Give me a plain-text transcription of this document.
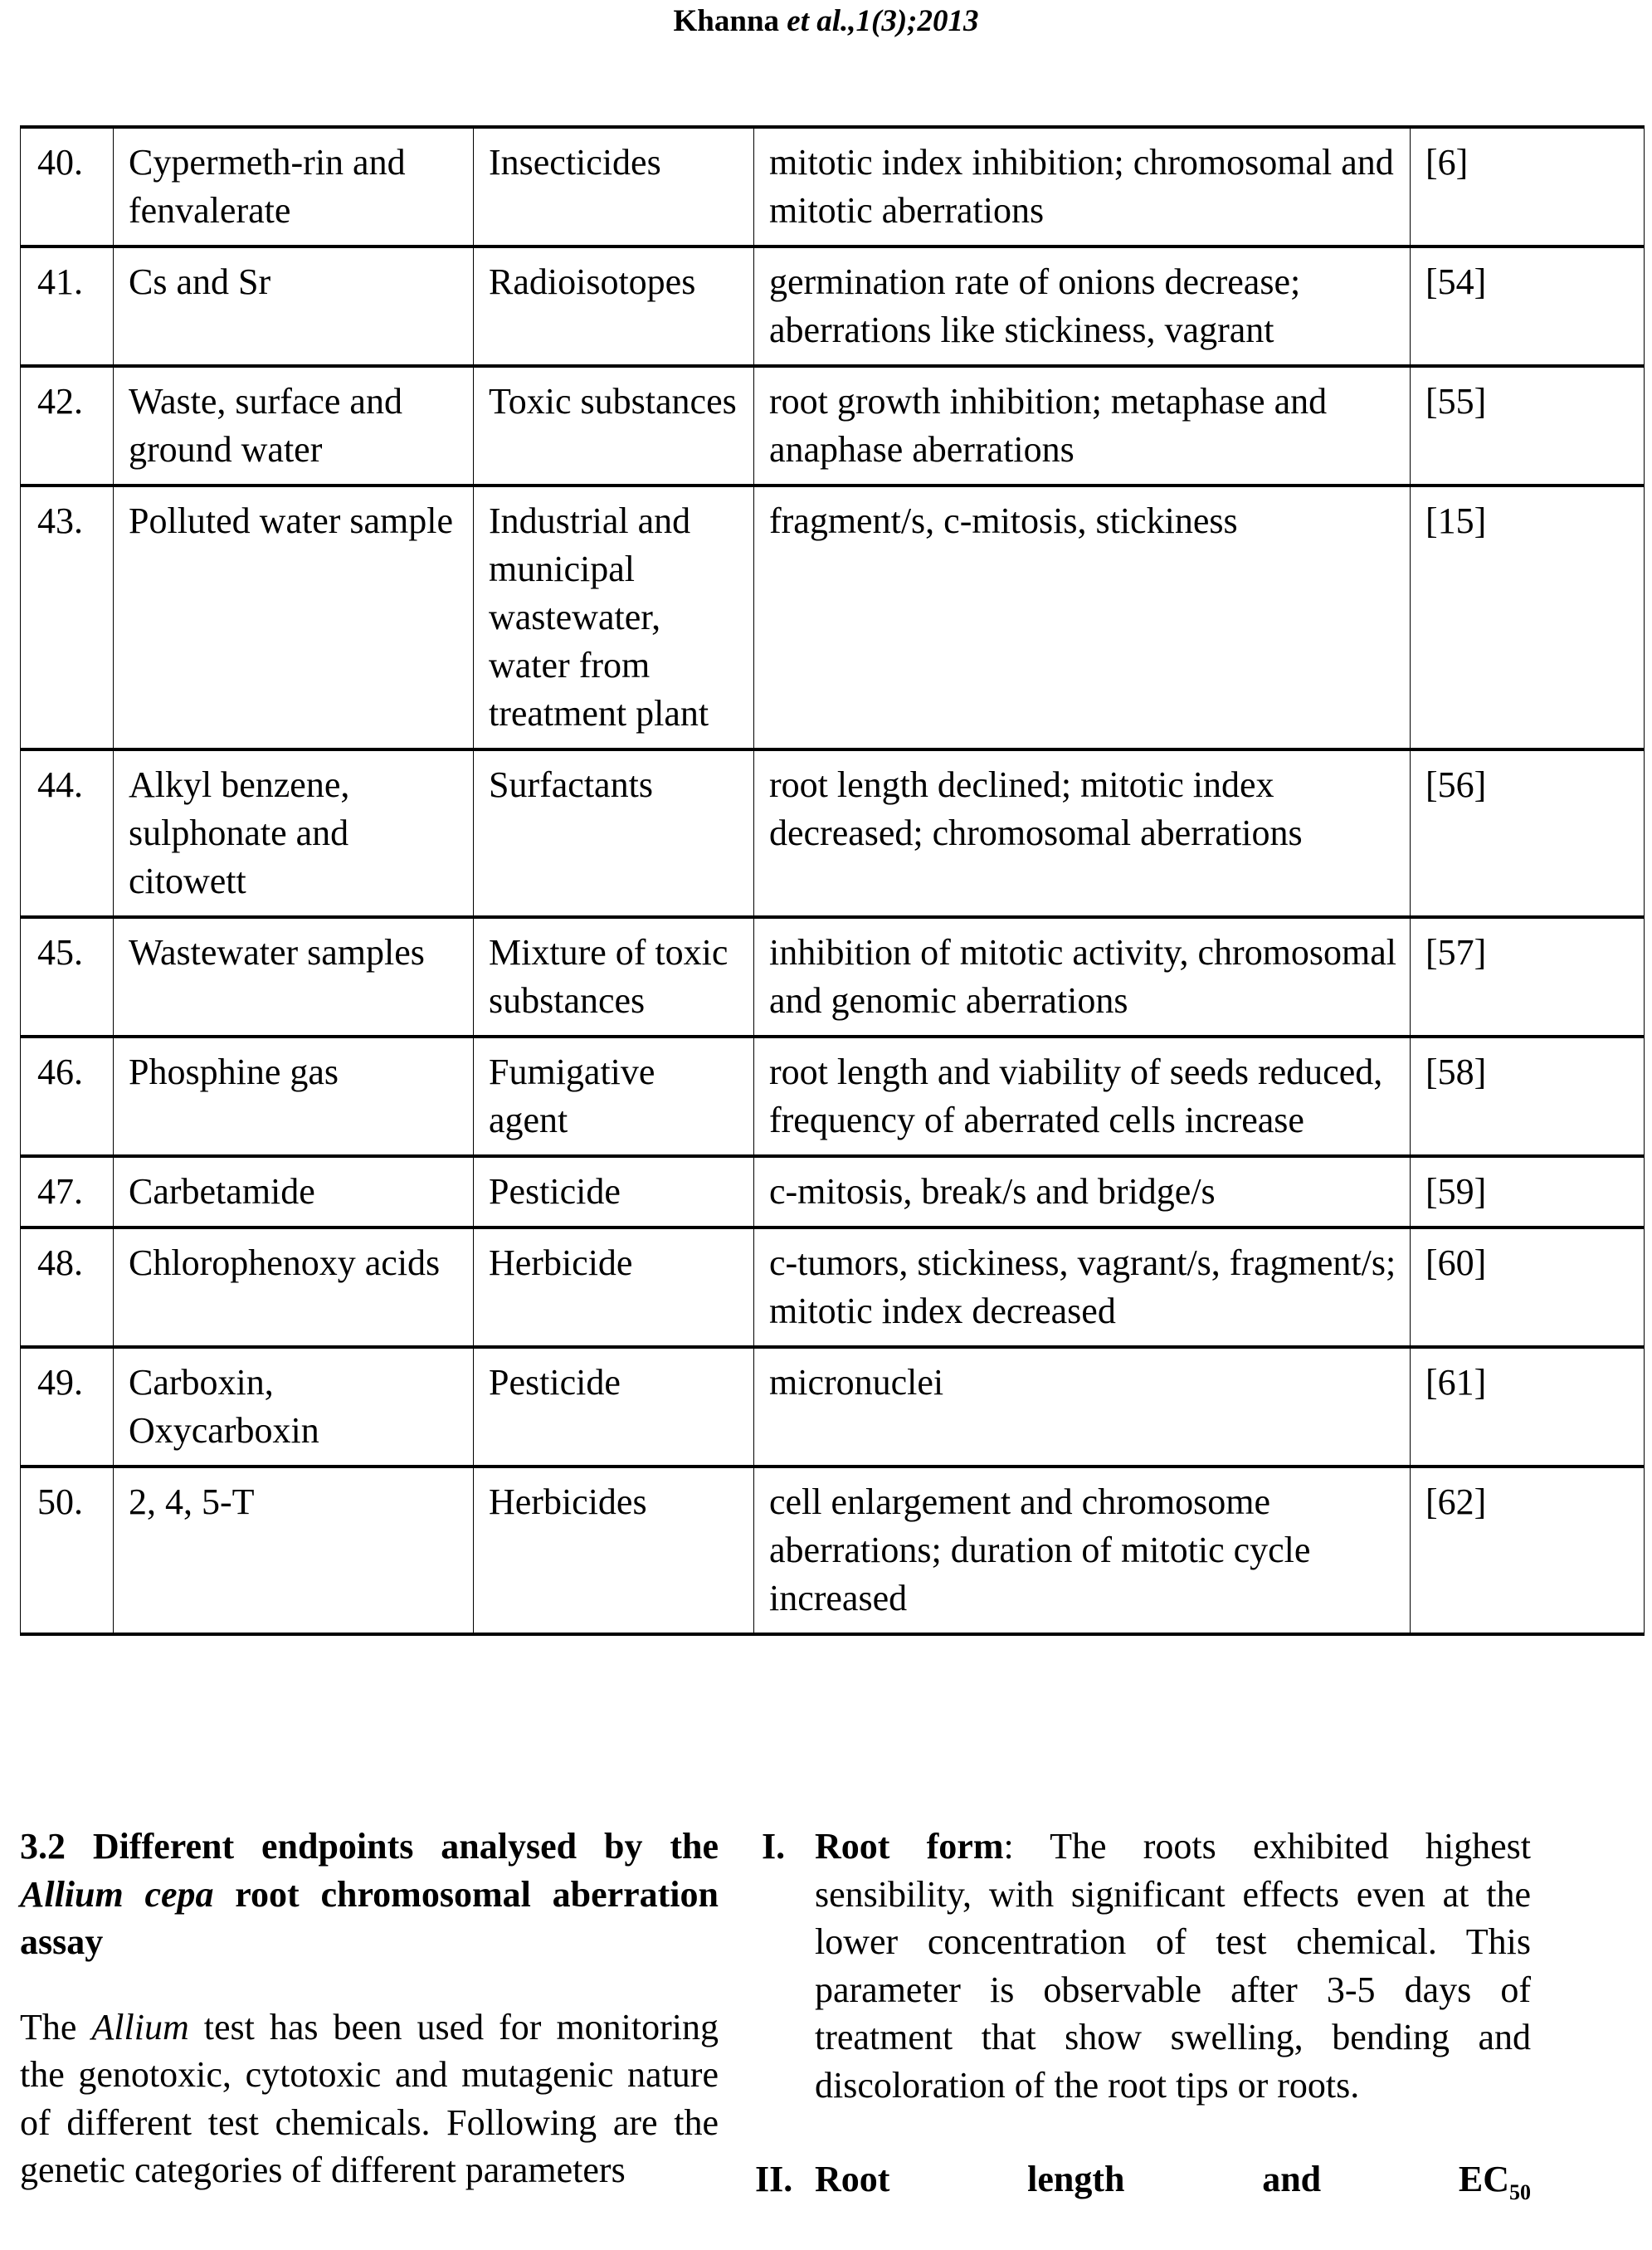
Khanna et al.,1(3);2013
40.	Cypermeth-rin and fenvalerate	Insecticides	mitotic index inhibition; chromosomal and mitotic aberrations	[6]
41.	Cs and Sr	Radioisotopes	germination rate of onions decrease; aberrations like stickiness, vagrant	[54]
42.	Waste, surface and ground water	Toxic substances	root growth inhibition; metaphase and anaphase aberrations	[55]
43.	Polluted water sample	Industrial and municipal wastewater, water from treatment plant	fragment/s, c-mitosis, stickiness	[15]
44.	Alkyl benzene, sulphonate and citowett	Surfactants	root length declined; mitotic index decreased; chromosomal aberrations	[56]
45.	Wastewater samples	Mixture of toxic substances	inhibition of mitotic activity, chromosomal and genomic aberrations	[57]
46.	Phosphine gas	Fumigative agent	root length and viability of seeds reduced, frequency of aberrated cells increase	[58]
47.	Carbetamide	Pesticide	c-mitosis, break/s and bridge/s	[59]
48.	Chlorophenoxy acids	Herbicide	c-tumors, stickiness, vagrant/s, fragment/s; mitotic index decreased	[60]
49.	Carboxin, Oxycarboxin	Pesticide	micronuclei	[61]
50.	2, 4, 5-T	Herbicides	cell enlargement and chromosome aberrations; duration of mitotic cycle increased	[62]

3.2 Different endpoints analysed by the Allium cepa root chromosomal aberration assay

The Allium test has been used for monitoring the genotoxic, cytotoxic and mutagenic nature of different test chemicals. Following are the genetic categories of different parameters

I. Root form: The roots exhibited highest sensibility, with significant effects even at the lower concentration of test chemical. This parameter is observable after 3-5 days of treatment that show swelling, bending and discoloration of the root tips or roots.
II. Root length and $EC_{50}$
